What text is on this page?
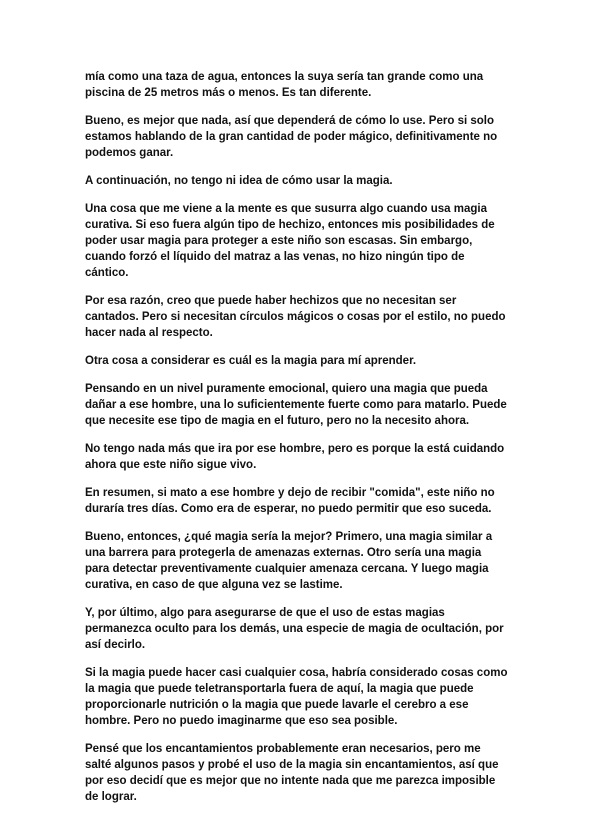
mía como una taza de agua, entonces la suya sería tan grande como una
piscina de 25 metros más o menos. Es tan diferente.
Bueno, es mejor que nada, así que dependerá de cómo lo use. Pero si solo
estamos hablando de la gran cantidad de poder mágico, definitivamente no
podemos ganar.
A continuación, no tengo ni idea de cómo usar la magia.
Una cosa que me viene a la mente es que susurra algo cuando usa magia
curativa. Si eso fuera algún tipo de hechizo, entonces mis posibilidades de
poder usar magia para proteger a este niño son escasas. Sin embargo,
cuando forzó el líquido del matraz a las venas, no hizo ningún tipo de
cántico.
Por esa razón, creo que puede haber hechizos que no necesitan ser
cantados. Pero si necesitan círculos mágicos o cosas por el estilo, no puedo
hacer nada al respecto.
Otra cosa a considerar es cuál es la magia para mí aprender.
Pensando en un nivel puramente emocional, quiero una magia que pueda
dañar a ese hombre, una lo suficientemente fuerte como para matarlo. Puede
que necesite ese tipo de magia en el futuro, pero no la necesito ahora.
No tengo nada más que ira por ese hombre, pero es porque la está cuidando
ahora que este niño sigue vivo.
En resumen, si mato a ese hombre y dejo de recibir "comida", este niño no
duraría tres días. Como era de esperar, no puedo permitir que eso suceda.
Bueno, entonces, ¿qué magia sería la mejor? Primero, una magia similar a
una barrera para protegerla de amenazas externas. Otro sería una magia
para detectar preventivamente cualquier amenaza cercana. Y luego magia
curativa, en caso de que alguna vez se lastime.
Y, por último, algo para asegurarse de que el uso de estas magias
permanezca oculto para los demás, una especie de magia de ocultación, por
así decirlo.
Si la magia puede hacer casi cualquier cosa, habría considerado cosas como
la magia que puede teletransportarla fuera de aquí, la magia que puede
proporcionarle nutrición o la magia que puede lavarle el cerebro a ese
hombre. Pero no puedo imaginarme que eso sea posible.
Pensé que los encantamientos probablemente eran necesarios, pero me
salté algunos pasos y probé el uso de la magia sin encantamientos, así que
por eso decidí que es mejor que no intente nada que me parezca imposible
de lograr.
